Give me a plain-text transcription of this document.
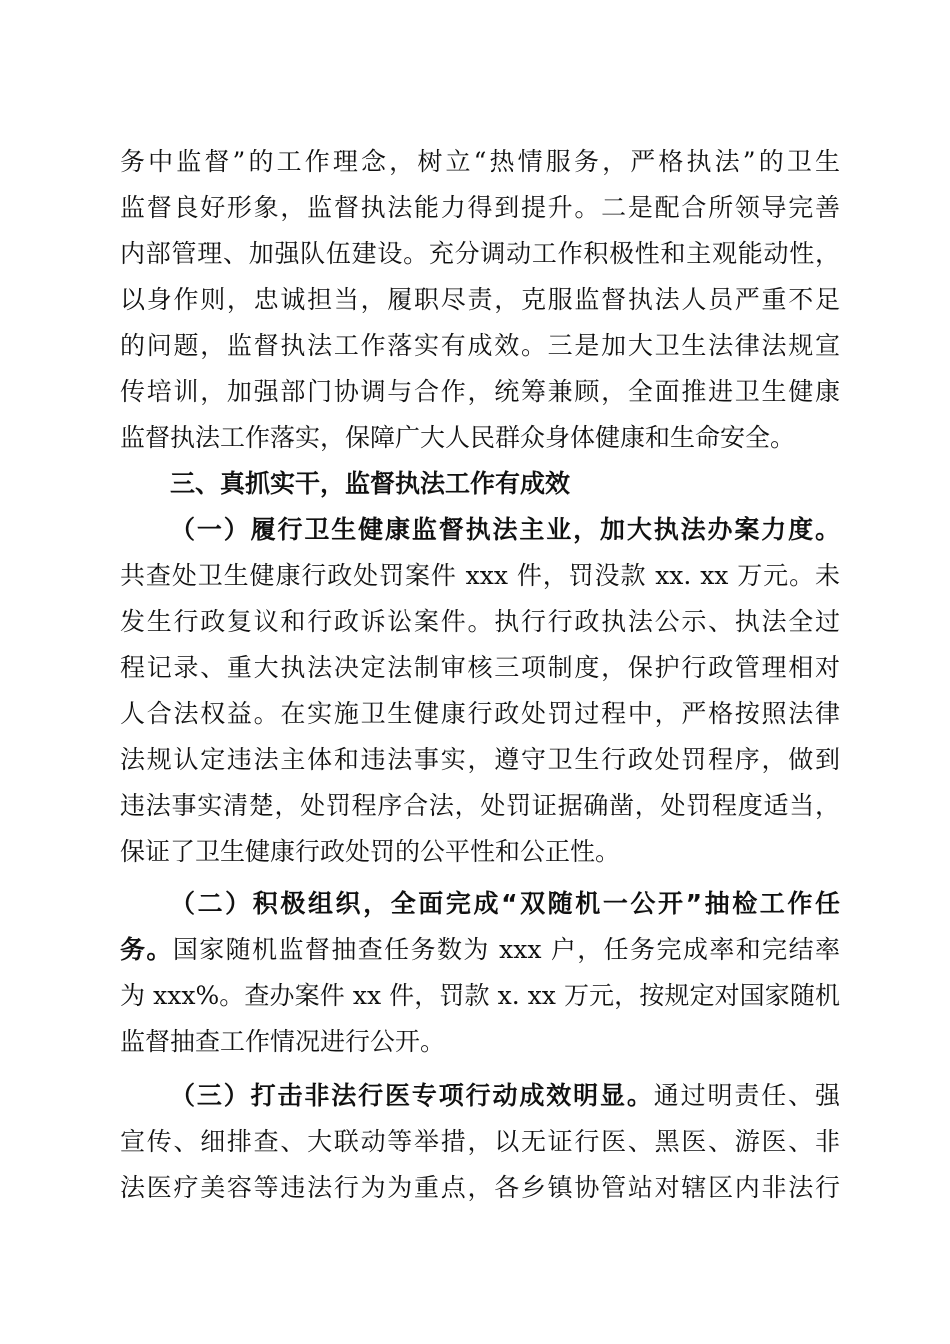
务中监督”的工作理念，树立“热情服务，严格执法”的卫生
监督良好形象，监督执法能力得到提升。二是配合所领导完善
内部管理、加强队伍建设。充分调动工作积极性和主观能动性，
以身作则，忠诚担当，履职尽责，克服监督执法人员严重不足
的问题，监督执法工作落实有成效。三是加大卫生法律法规宣
传培训，加强部门协调与合作，统筹兼顾，全面推进卫生健康
监督执法工作落实，保障广大人民群众身体健康和生命安全。
三、真抓实干，监督执法工作有成效
（一）履行卫生健康监督执法主业，加大执法办案力度。
共查处卫生健康行政处罚案件 xxx 件，罚没款 xx. xx 万元。未
发生行政复议和行政诉讼案件。执行行政执法公示、执法全过
程记录、重大执法决定法制审核三项制度，保护行政管理相对
人合法权益。在实施卫生健康行政处罚过程中，严格按照法律
法规认定违法主体和违法事实，遵守卫生行政处罚程序，做到
违法事实清楚，处罚程序合法，处罚证据确凿，处罚程度适当，
保证了卫生健康行政处罚的公平性和公正性。
（二）积极组织，全面完成“双随机一公开”抽检工作任
务。国家随机监督抽查任务数为 xxx 户，任务完成率和完结率
为 xxx%。查办案件 xx 件，罚款 x. xx 万元，按规定对国家随机
监督抽查工作情况进行公开。
（三）打击非法行医专项行动成效明显。通过明责任、强
宣传、细排查、大联动等举措，以无证行医、黑医、游医、非
法医疗美容等违法行为为重点，各乡镇协管站对辖区内非法行
